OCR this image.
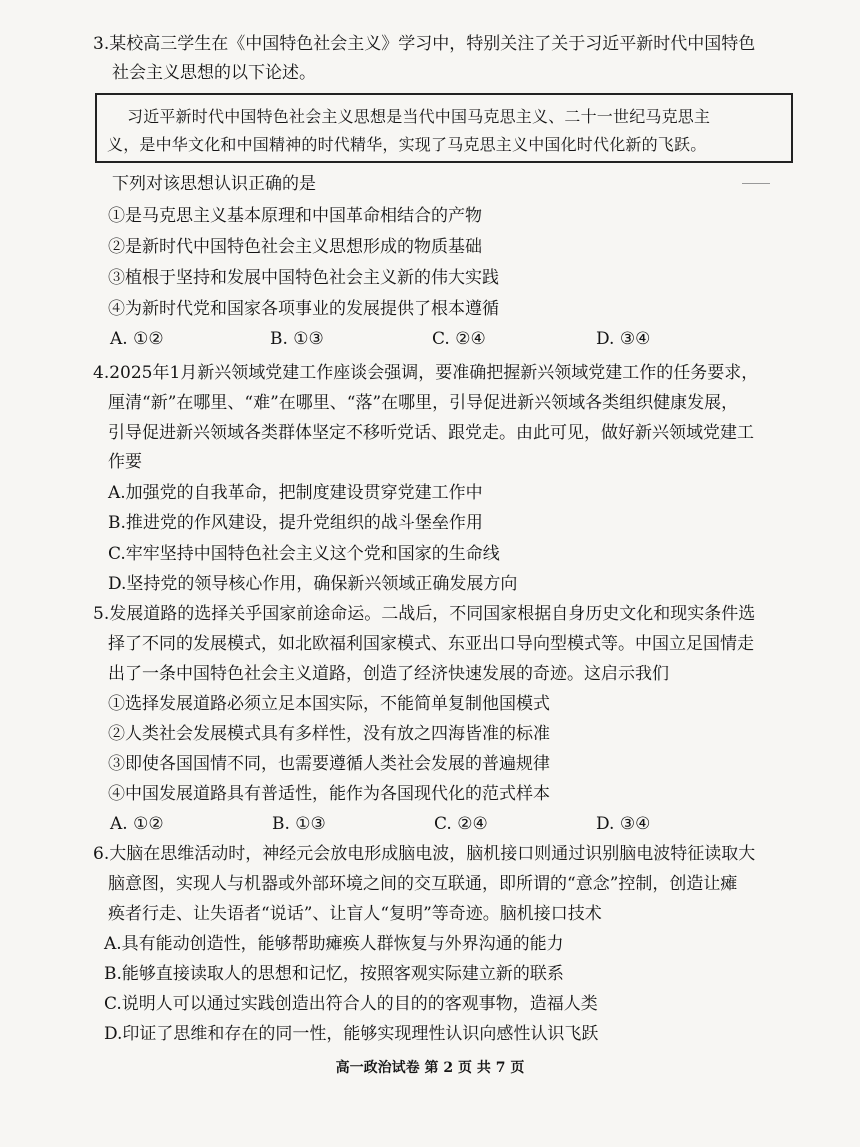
3.某校高三学生在《中国特色社会主义》学习中，特别关注了关于习近平新时代中国特色
社会主义思想的以下论述。
习近平新时代中国特色社会主义思想是当代中国马克思主义、二十一世纪马克思主
义，是中华文化和中国精神的时代精华，实现了马克思主义中国化时代化新的飞跃。
下列对该思想认识正确的是
①是马克思主义基本原理和中国革命相结合的产物
②是新时代中国特色社会主义思想形成的物质基础
③植根于坚持和发展中国特色社会主义新的伟大实践
④为新时代党和国家各项事业的发展提供了根本遵循
A. ①②	B. ①③	C. ②④	D. ③④
4.2025年1月新兴领域党建工作座谈会强调，要准确把握新兴领域党建工作的任务要求，
厘清“新”在哪里、“难”在哪里、“落”在哪里，引导促进新兴领域各类组织健康发展，
引导促进新兴领域各类群体坚定不移听党话、跟党走。由此可见，做好新兴领域党建工
作要
A.加强党的自我革命，把制度建设贯穿党建工作中
B.推进党的作风建设，提升党组织的战斗堡垒作用
C.牢牢坚持中国特色社会主义这个党和国家的生命线
D.坚持党的领导核心作用，确保新兴领域正确发展方向
5.发展道路的选择关乎国家前途命运。二战后，不同国家根据自身历史文化和现实条件选
择了不同的发展模式，如北欧福利国家模式、东亚出口导向型模式等。中国立足国情走
出了一条中国特色社会主义道路，创造了经济快速发展的奇迹。这启示我们
①选择发展道路必须立足本国实际，不能简单复制他国模式
②人类社会发展模式具有多样性，没有放之四海皆准的标准
③即使各国国情不同，也需要遵循人类社会发展的普遍规律
④中国发展道路具有普适性，能作为各国现代化的范式样本
A. ①②	B. ①③	C. ②④	D. ③④
6.大脑在思维活动时，神经元会放电形成脑电波，脑机接口则通过识别脑电波特征读取大
脑意图，实现人与机器或外部环境之间的交互联通，即所谓的“意念”控制，创造让瘫
痪者行走、让失语者“说话”、让盲人“复明”等奇迹。脑机接口技术
A.具有能动创造性，能够帮助瘫痪人群恢复与外界沟通的能力
B.能够直接读取人的思想和记忆，按照客观实际建立新的联系
C.说明人可以通过实践创造出符合人的目的的客观事物，造福人类
D.印证了思维和存在的同一性，能够实现理性认识向感性认识飞跃
高一政治试卷 第 2 页 共 7 页
